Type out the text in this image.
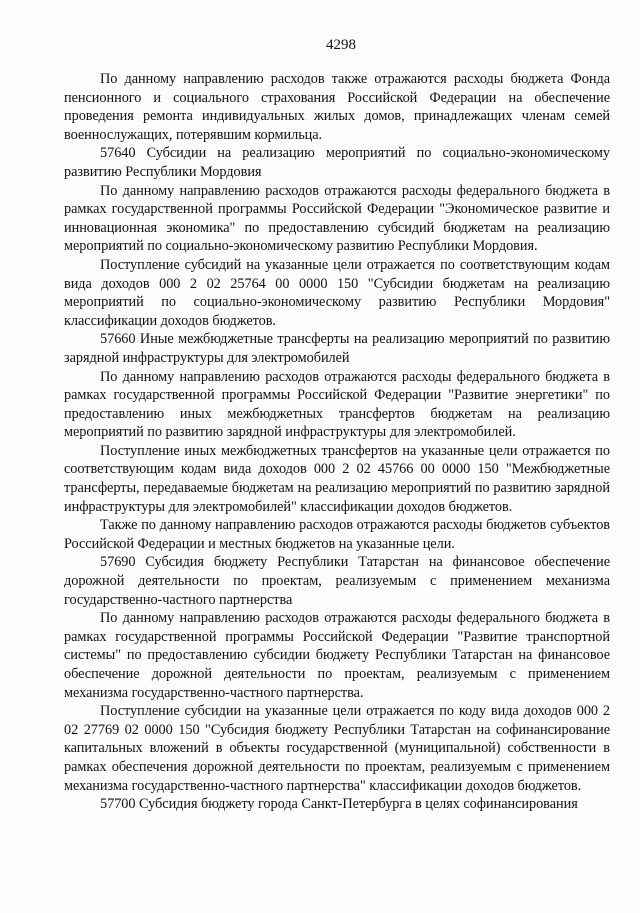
4298

По данному направлению расходов также отражаются расходы бюджета Фонда пенсионного и социального страхования Российской Федерации на обеспечение проведения ремонта индивидуальных жилых домов, принадлежащих членам семей военнослужащих, потерявшим кормильца.

57640 Субсидии на реализацию мероприятий по социально-экономическому развитию Республики Мордовия

По данному направлению расходов отражаются расходы федерального бюджета в рамках государственной программы Российской Федерации "Экономическое развитие и инновационная экономика" по предоставлению субсидий бюджетам на реализацию мероприятий по социально-экономическому развитию Республики Мордовия.

Поступление субсидий на указанные цели отражается по соответствующим кодам вида доходов 000 2 02 25764 00 0000 150 "Субсидии бюджетам на реализацию мероприятий по социально-экономическому развитию Республики Мордовия" классификации доходов бюджетов.

57660 Иные межбюджетные трансферты на реализацию мероприятий по развитию зарядной инфраструктуры для электромобилей

По данному направлению расходов отражаются расходы федерального бюджета в рамках государственной программы Российской Федерации "Развитие энергетики" по предоставлению иных межбюджетных трансфертов бюджетам на реализацию мероприятий по развитию зарядной инфраструктуры для электромобилей.

Поступление иных межбюджетных трансфертов на указанные цели отражается по соответствующим кодам вида доходов 000 2 02 45766 00 0000 150 "Межбюджетные трансферты, передаваемые бюджетам на реализацию мероприятий по развитию зарядной инфраструктуры для электромобилей" классификации доходов бюджетов.

Также по данному направлению расходов отражаются расходы бюджетов субъектов Российской Федерации и местных бюджетов на указанные цели.

57690 Субсидия бюджету Республики Татарстан на финансовое обеспечение дорожной деятельности по проектам, реализуемым с применением механизма государственно-частного партнерства

По данному направлению расходов отражаются расходы федерального бюджета в рамках государственной программы Российской Федерации "Развитие транспортной системы" по предоставлению субсидии бюджету Республики Татарстан на финансовое обеспечение дорожной деятельности по проектам, реализуемым с применением механизма государственно-частного партнерства.

Поступление субсидии на указанные цели отражается по коду вида доходов 000 2 02 27769 02 0000 150 "Субсидия бюджету Республики Татарстан на софинансирование капитальных вложений в объекты государственной (муниципальной) собственности в рамках обеспечения дорожной деятельности по проектам, реализуемым с применением механизма государственно-частного партнерства" классификации доходов бюджетов.

57700 Субсидия бюджету города Санкт-Петербурга в целях софинансирования
